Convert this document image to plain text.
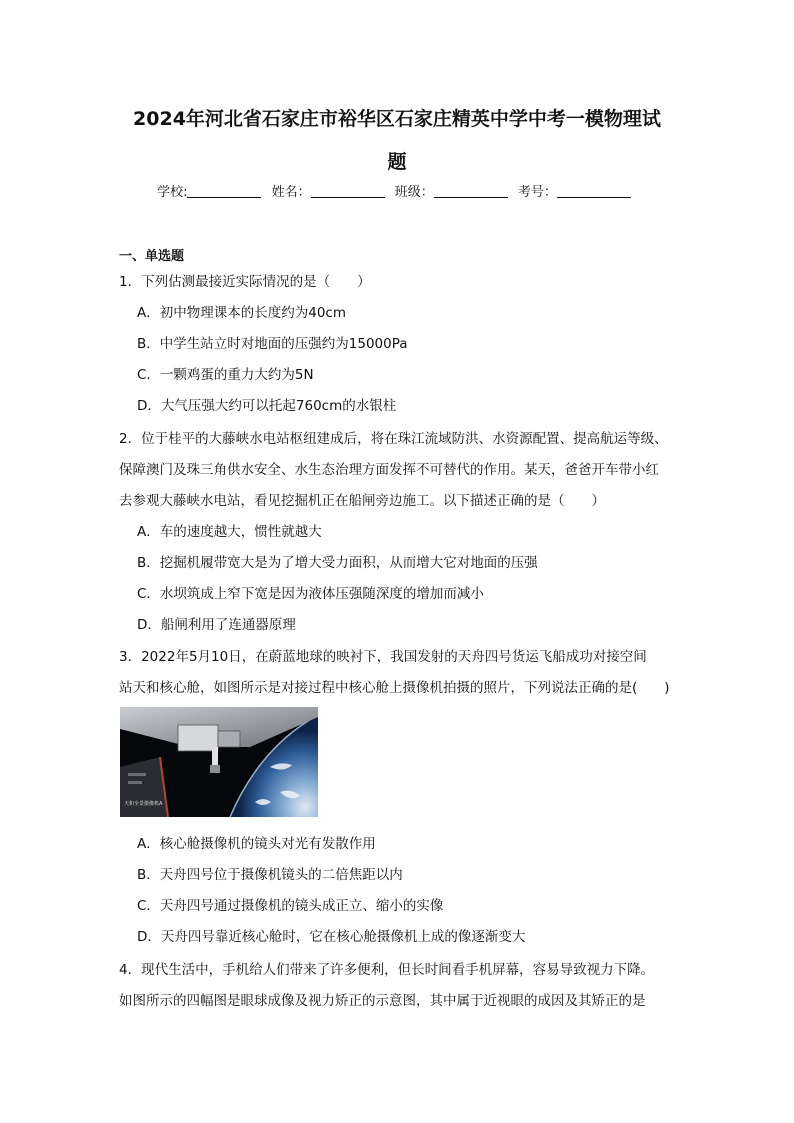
2024年河北省石家庄市裕华区石家庄精英中学中考一模物理试
题
学校:	姓名：	班级：	考号：
一、单选题
1．下列估测最接近实际情况的是（　　）
A．初中物理课本的长度约为40cm
B．中学生站立时对地面的压强约为15000Pa
C．一颗鸡蛋的重力大约为5N
D．大气压强大约可以托起760cm的水银柱
2．位于桂平的大藤峡水电站枢纽建成后，将在珠江流域防洪、水资源配置、提高航运等级、
保障澳门及珠三角供水安全、水生态治理方面发挥不可替代的作用。某天，爸爸开车带小红
去参观大藤峡水电站，看见挖掘机正在船闸旁边施工。以下描述正确的是（　　）
A．车的速度越大，惯性就越大
B．挖掘机履带宽大是为了增大受力面积，从而增大它对地面的压强
C．水坝筑成上窄下宽是因为液体压强随深度的增加而减小
D．船闸利用了连通器原理
3．2022年5月10日，在蔚蓝地球的映衬下，我国发射的天舟四号货运飞船成功对接空间
站天和核心舱，如图所示是对接过程中核心舱上摄像机拍摄的照片，下列说法正确的是(　　)
天和全景摄像机A
A．核心舱摄像机的镜头对光有发散作用
B．天舟四号位于摄像机镜头的二倍焦距以内
C．天舟四号通过摄像机的镜头成正立、缩小的实像
D．天舟四号靠近核心舱时，它在核心舱摄像机上成的像逐渐变大
4．现代生活中，手机给人们带来了许多便利，但长时间看手机屏幕，容易导致视力下降。
如图所示的四幅图是眼球成像及视力矫正的示意图，其中属于近视眼的成因及其矫正的是
